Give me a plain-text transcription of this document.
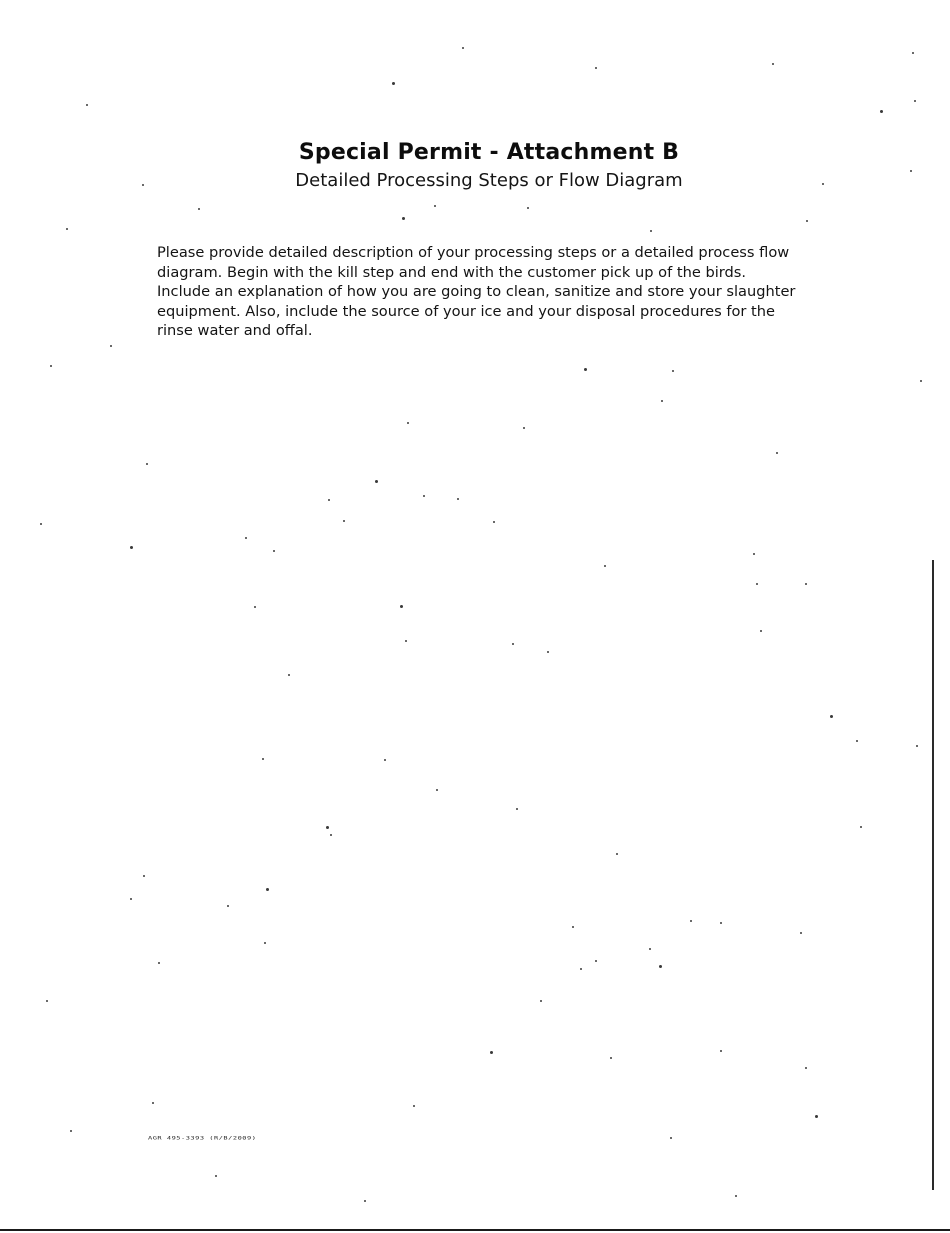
Special Permit - Attachment B
Detailed Processing Steps or Flow Diagram
Please provide detailed description of your processing steps or a detailed process flow
diagram. Begin with the kill step and end with the customer pick up of the birds.
Include an explanation of how you are going to clean, sanitize and store your slaughter
equipment. Also, include the source of your ice and your disposal procedures for the
rinse water and offal.
AGR 495-3393 (R/B/2009)
